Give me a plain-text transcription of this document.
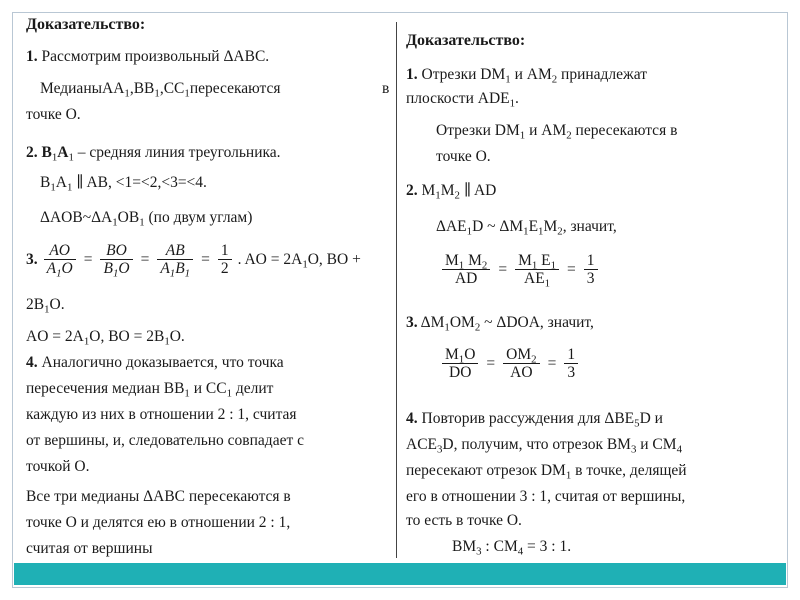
Доказательство:
1. Рассмотрим произвольный ΔABC.
$МедианыAA_1,BB_1,CC_1пересекаются$	в
точке O.
2. $B_1A_1$ – средняя линия треугольника.
$B_1A_1$ ∥ AB, <1=<2,<3=<4.
$\Delta AOB\sim\Delta A_1OB_1$ (по двум углам)
3. $\frac{AO}{A_1O} = \frac{BO}{B_1O} = \frac{AB}{A_1B_1} = \frac{1}{2}$ . AO = $2A_1O$, BO +
$2B_1O$.
AO = $2A_1O$, BO = $2B_1O$.
4. Аналогично доказывается, что точка
пересечения медиан $BB_1$ и $CC_1$ делит
каждую из них в отношении 2 : 1, считая
от вершины, и, следовательно совпадает с
точкой O.
Все три медианы ΔABC пересекаются в
точке O и делятся ею в отношении 2 : 1,
считая от вершины
Доказательство:
1. Отрезки $DM_1$ и $AM_2$ принадлежат
плоскости $ADE_1$.
Отрезки $DM_1$ и $AM_2$ пересекаются в
точке O.
2. $M_1M_2$ ∥ AD
$\Delta AE_1D$ ~ $\Delta M_1E_1M_2$, значит,
$\frac{M_1 M_2}{AD} = \frac{M_1 E_1}{AE_1} = \frac{1}{3}$
3. $\Delta M_1OM_2$ ~ ΔDOA, значит,
$\frac{M_1O}{DO} = \frac{OM_2}{AO} = \frac{1}{3}$
4. Повторив рассуждения для $\Delta BE_5D$ и
$ACE_3D$, получим, что отрезок $BM_3$ и $CM_4$
пересекают отрезок $DM_1$ в точке, делящей
его в отношении 3 : 1, считая от вершины,
то есть в точке O.
$BM_3$ : $CM_4 = 3$ : 1.
